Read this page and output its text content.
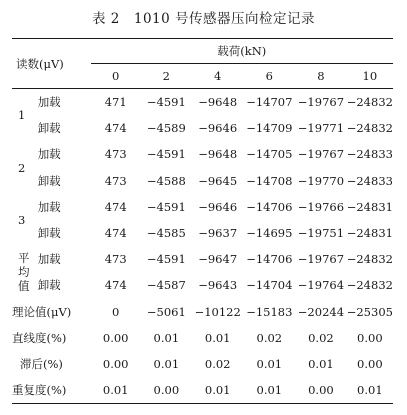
表 2 1010 号传感器压向检定记录
读数(μV)		载荷(kN)					
		0	2	4	6	8	10
1	加载	471	−4591	−9648	−14707	−19767	−24832
	卸载	474	−4589	−9646	−14709	−19771	−24832
2	加载	473	−4591	−9648	−14705	−19767	−24833
	卸载	473	−4588	−9645	−14708	−19770	−24833
3	加载	474	−4591	−9646	−14706	−19766	−24831
	卸载	474	−4585	−9637	−14695	−19751	−24831
平
均
值	加载	473	−4591	−9647	−14706	−19767	−24832
	卸载	474	−4587	−9643	−14704	−19764	−24832
理论值(μV)		0	−5061	−10122	−15183	−20244	−25305
直线度(%)		0.00	0.01	0.01	0.02	0.02	0.00
滞后(%)		0.00	0.01	0.02	0.01	0.01	0.00
重复度(%)		0.01	0.00	0.01	0.01	0.00	0.01
